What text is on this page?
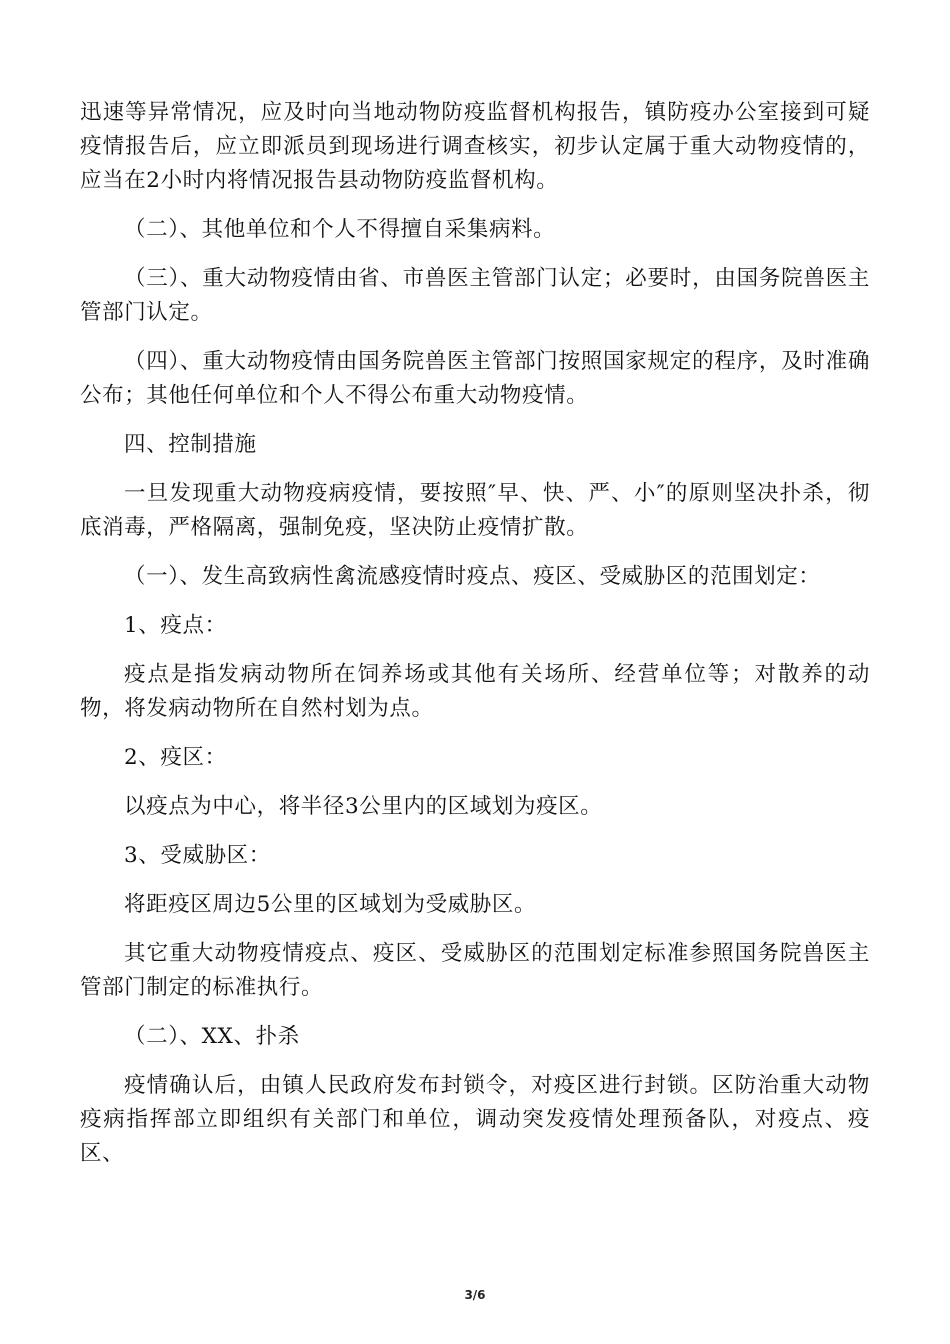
迅速等异常情况，应及时向当地动物防疫监督机构报告，镇防疫办公室接到可疑疫情报告后，应立即派员到现场进行调查核实，初步认定属于重大动物疫情的，应当在2小时内将情况报告县动物防疫监督机构。

（二）、其他单位和个人不得擅自采集病料。

（三）、重大动物疫情由省、市兽医主管部门认定；必要时，由国务院兽医主管部门认定。

（四）、重大动物疫情由国务院兽医主管部门按照国家规定的程序，及时准确公布；其他任何单位和个人不得公布重大动物疫情。

四、控制措施

一旦发现重大动物疫病疫情，要按照″早、快、严、小″的原则坚决扑杀，彻底消毒，严格隔离，强制免疫，坚决防止疫情扩散。

（一）、发生高致病性禽流感疫情时疫点、疫区、受威胁区的范围划定：

1、疫点：

疫点是指发病动物所在饲养场或其他有关场所、经营单位等；对散养的动物，将发病动物所在自然村划为点。

2、疫区：

以疫点为中心，将半径3公里内的区域划为疫区。

3、受威胁区：

将距疫区周边5公里的区域划为受威胁区。

其它重大动物疫情疫点、疫区、受威胁区的范围划定标准参照国务院兽医主管部门制定的标准执行。

（二）、XX、扑杀

疫情确认后，由镇人民政府发布封锁令，对疫区进行封锁。区防治重大动物疫病指挥部立即组织有关部门和单位，调动突发疫情处理预备队，对疫点、疫区、

3/6
